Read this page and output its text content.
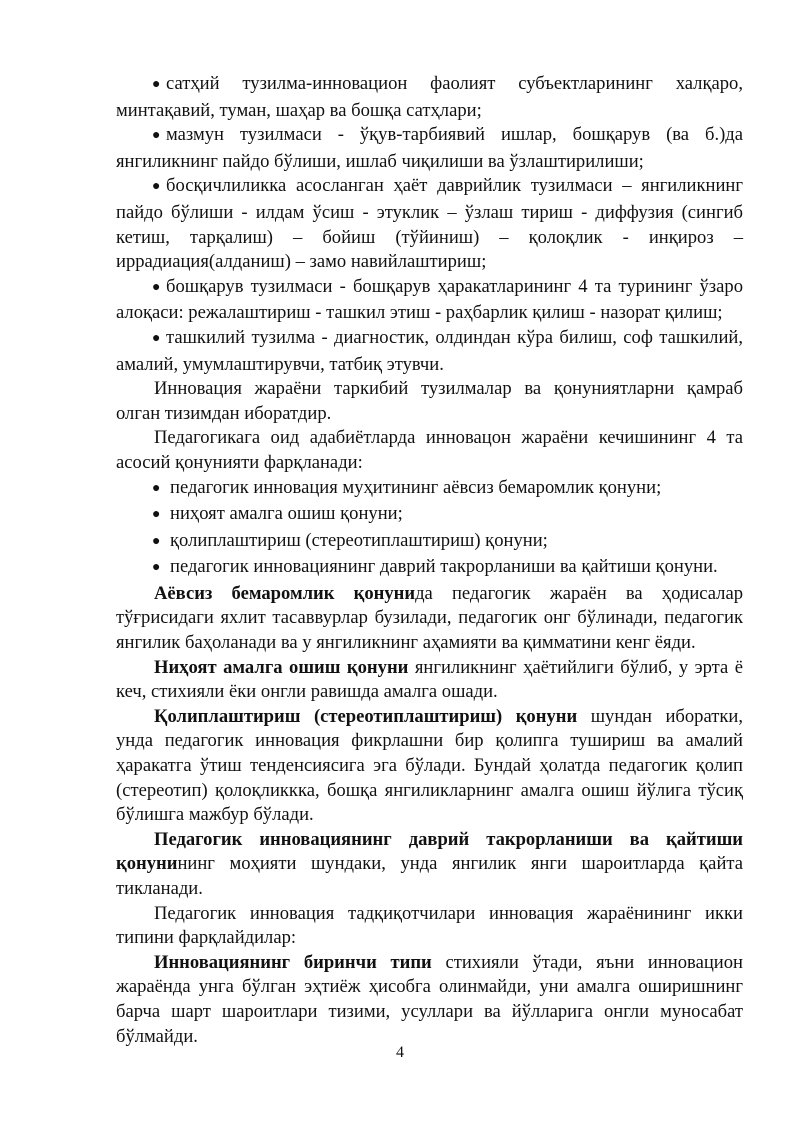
● сатҳий тузилма-инновацион фаолият субъектларининг халқаро, минтақавий, туман, шаҳар ва бошқа сатҳлари;

● мазмун тузилмаси - ўқув-тарбиявий ишлар, бошқарув (ва б.)да янгиликнинг пайдо бўлиши, ишлаб чиқилиши ва ўзлаштирилиши;

● босқичлиликка асосланган ҳаёт даврийлик тузилмаси – янгиликнинг пайдо бўлиши - илдам ўсиш - этуклик – ўзлаш тириш - диффузия (сингиб кетиш, тарқалиш) – бойиш (тўйиниш) – қолоқлик - инқироз – иррадиация(алданиш) – замо навийлаштириш;

● бошқарув тузилмаси - бошқарув ҳаракатларининг 4 та турининг ўзаро алоқаси: режалаштириш - ташкил этиш - раҳбарлик қилиш - назорат қилиш;

● ташкилий тузилма - диагностик, олдиндан кўра билиш, соф ташкилий, амалий, умумлаштирувчи, татбиқ этувчи.

Инновация жараёни таркибий тузилмалар ва қонуниятларни қамраб олган тизимдан иборатдир.

Педагогикага оид адабиётларда инновацон жараёни кечишининг 4 та асосий қонунияти фарқланади:

● педагогик инновация муҳитининг аёвсиз бемаромлик қонуни;

● ниҳоят амалга ошиш қонуни;

● қолиплаштириш (стереотиплаштириш) қонуни;

● педагогик инновациянинг даврий такрорланиши ва қайтиши қонуни.

Аёвсиз бемаромлик қонунида педагогик жараён ва ҳодисалар тўғрисидаги яхлит тасаввурлар бузилади, педагогик онг бўлинади, педагогик янгилик баҳоланади ва у янгиликнинг аҳамияти ва қимматини кенг ёяди.

Ниҳоят амалга ошиш қонуни янгиликнинг ҳаётийлиги бўлиб, у эрта ё кеч, стихияли ёки онгли равишда амалга ошади.

Қолиплаштириш (стереотиплаштириш) қонуни шундан иборатки, унда педагогик инновация фикрлашни бир қолипга тушириш ва амалий ҳаракатга ўтиш тенденсиясига эга бўлади. Бундай ҳолатда педагогик қолип (стереотип) қолоқликкка, бошқа янгиликларнинг амалга ошиш йўлига тўсиқ бўлишга мажбур бўлади.

Педагогик инновациянинг даврий такрорланиши ва қайтиши қонунининг моҳияти шундаки, унда янгилик янги шароитларда қайта тикланади.

Педагогик инновация тадқиқотчилари инновация жараёнининг икки типини фарқлайдилар:

Инновациянинг биринчи типи стихияли ўтади, яъни инновацион жараёнда унга бўлган эҳтиёж ҳисобга олинмайди, уни амалга оширишнинг барча шарт шароитлари тизими, усуллари ва йўлларига онгли муносабат бўлмайди.

4
